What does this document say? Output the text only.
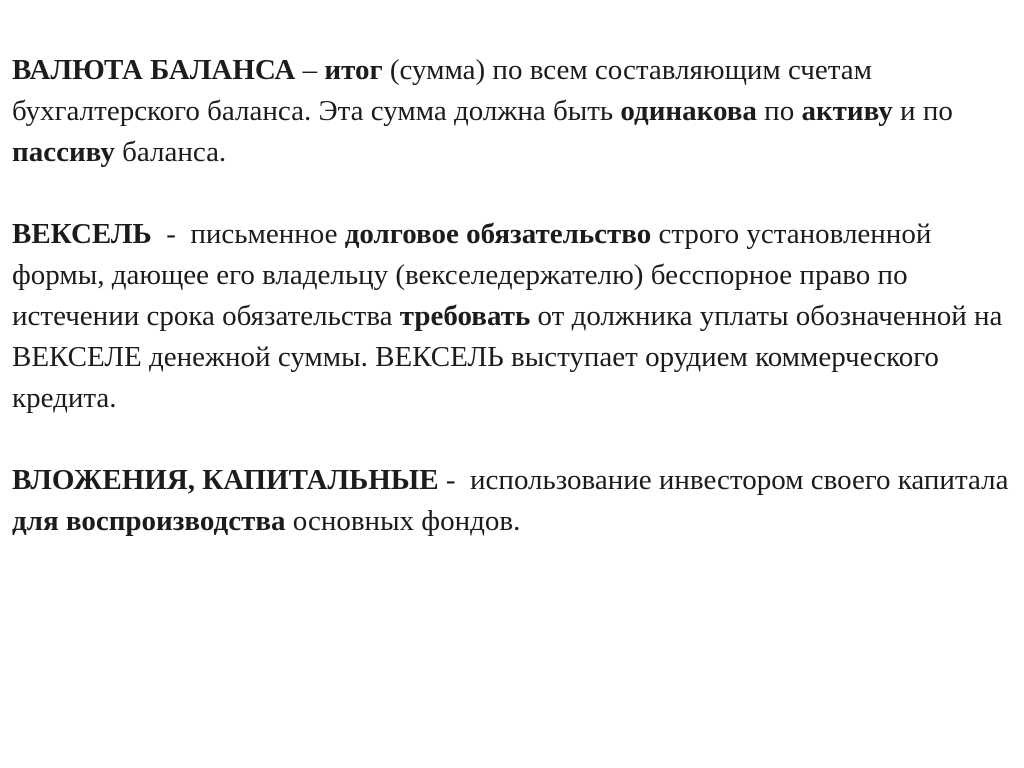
ВАЛЮТА БАЛАНСА – итог (сумма) по всем составляющим счетам бухгалтерского баланса. Эта сумма должна быть одинакова по активу и по пассиву баланса.

ВЕКСЕЛЬ  -  письменное долговое обязательство строго установленной формы, дающее его владельцу (векселедержателю) бесспорное право по истечении срока обязательства требовать от должника уплаты обозначенной на ВЕКСЕЛЕ денежной суммы. ВЕКСЕЛЬ выступает орудием коммерческого кредита.

ВЛОЖЕНИЯ, КАПИТАЛЬНЫЕ -  использование инвестором своего капитала для воспроизводства основных фондов.
